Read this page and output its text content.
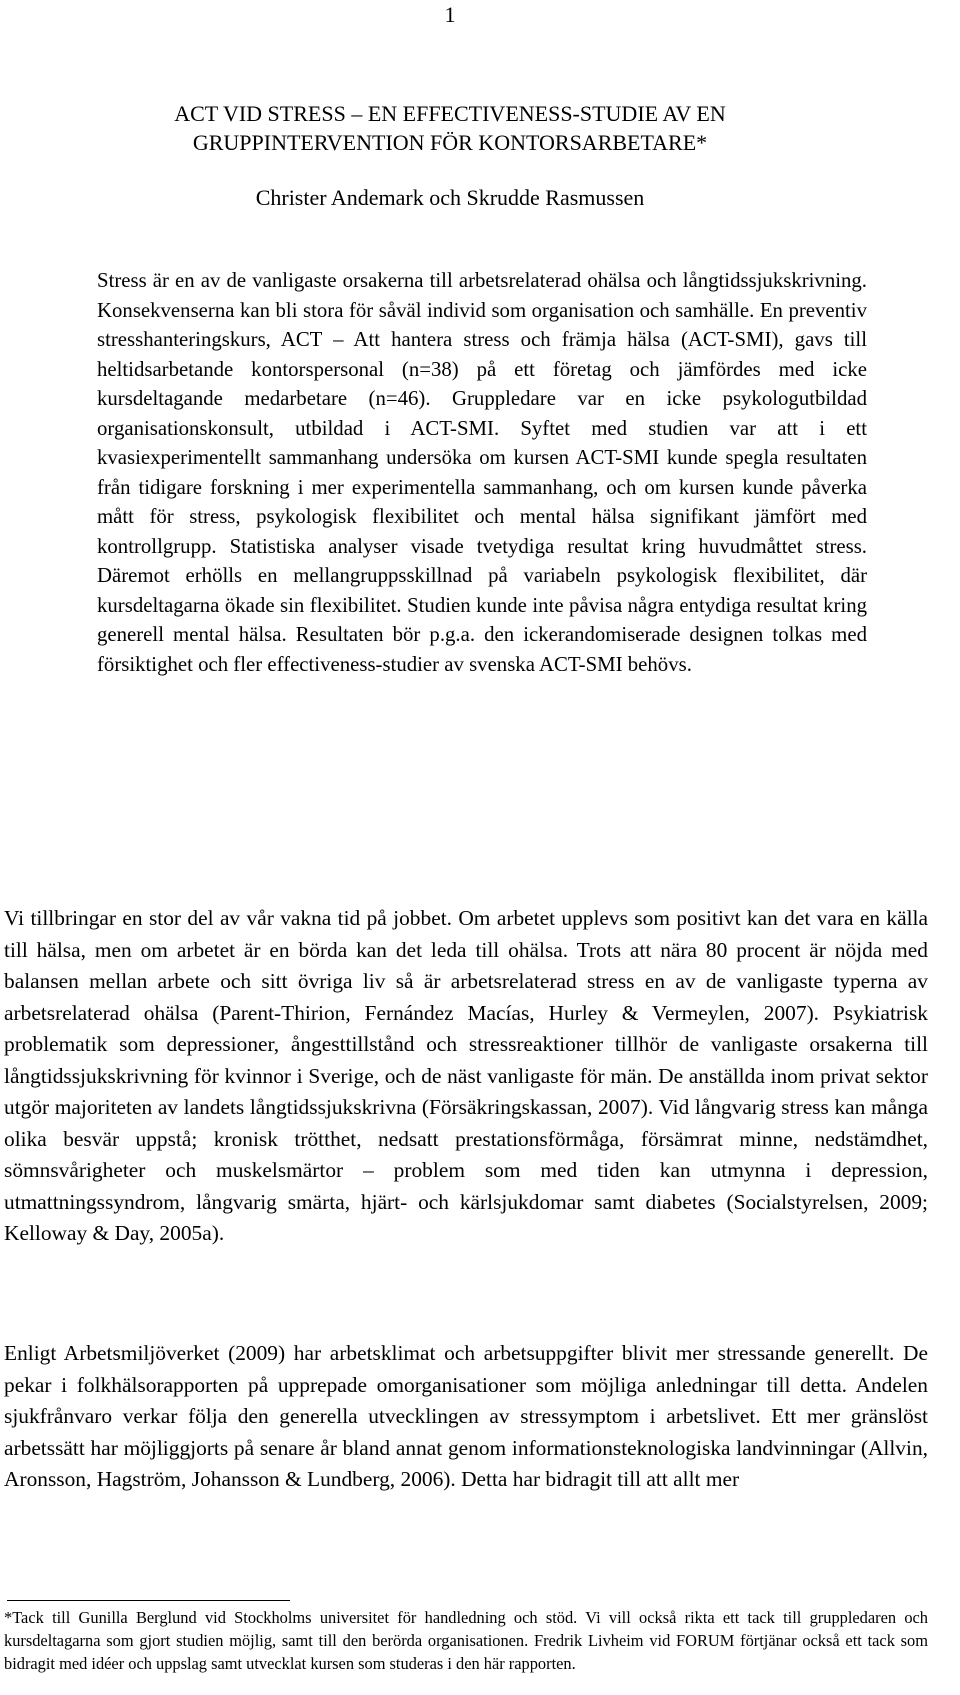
1
ACT VID STRESS – EN EFFECTIVENESS-STUDIE AV EN
GRUPPINTERVENTION FÖR KONTORSARBETARE*
Christer Andemark och Skrudde Rasmussen
Stress är en av de vanligaste orsakerna till arbetsrelaterad ohälsa och långtidssjukskrivning. Konsekvenserna kan bli stora för såväl individ som organisation och samhälle. En preventiv stresshanteringskurs, ACT – Att hantera stress och främja hälsa (ACT-SMI), gavs till heltidsarbetande kontorspersonal (n=38) på ett företag och jämfördes med icke kursdeltagande medarbetare (n=46). Gruppledare var en icke psykologutbildad organisationskonsult, utbildad i ACT-SMI. Syftet med studien var att i ett kvasiexperimentellt sammanhang undersöka om kursen ACT-SMI kunde spegla resultaten från tidigare forskning i mer experimentella sammanhang, och om kursen kunde påverka mått för stress, psykologisk flexibilitet och mental hälsa signifikant jämfört med kontrollgrupp. Statistiska analyser visade tvetydiga resultat kring huvudmåttet stress. Däremot erhölls en mellangruppsskillnad på variabeln psykologisk flexibilitet, där kursdeltagarna ökade sin flexibilitet. Studien kunde inte påvisa några entydiga resultat kring generell mental hälsa. Resultaten bör p.g.a. den ickerandomiserade designen tolkas med försiktighet och fler effectiveness-studier av svenska ACT-SMI behövs.
Vi tillbringar en stor del av vår vakna tid på jobbet. Om arbetet upplevs som positivt kan det vara en källa till hälsa, men om arbetet är en börda kan det leda till ohälsa. Trots att nära 80 procent är nöjda med balansen mellan arbete och sitt övriga liv så är arbetsrelaterad stress en av de vanligaste typerna av arbetsrelaterad ohälsa (Parent-Thirion, Fernández Macías, Hurley & Vermeylen, 2007). Psykiatrisk problematik som depressioner, ångesttillstånd och stressreaktioner tillhör de vanligaste orsakerna till långtidssjukskrivning för kvinnor i Sverige, och de näst vanligaste för män. De anställda inom privat sektor utgör majoriteten av landets långtidssjukskrivna (Försäkringskassan, 2007). Vid långvarig stress kan många olika besvär uppstå; kronisk trötthet, nedsatt prestationsförmåga, försämrat minne, nedstämdhet, sömnsvårigheter och muskelsmärtor – problem som med tiden kan utmynna i depression, utmattningssyndrom, långvarig smärta, hjärt- och kärlsjukdomar samt diabetes (Socialstyrelsen, 2009; Kelloway & Day, 2005a).
Enligt Arbetsmiljöverket (2009) har arbetsklimat och arbetsuppgifter blivit mer stressande generellt. De pekar i folkhälsorapporten på upprepade omorganisationer som möjliga anledningar till detta. Andelen sjukfrånvaro verkar följa den generella utvecklingen av stressymptom i arbetslivet. Ett mer gränslöst arbetssätt har möjliggjorts på senare år bland annat genom informationsteknologiska landvinningar (Allvin, Aronsson, Hagström, Johansson & Lundberg, 2006). Detta har bidragit till att allt mer
*Tack till Gunilla Berglund vid Stockholms universitet för handledning och stöd. Vi vill också rikta ett tack till gruppledaren och kursdeltagarna som gjort studien möjlig, samt till den berörda organisationen. Fredrik Livheim vid FORUM förtjänar också ett tack som bidragit med idéer och uppslag samt utvecklat kursen som studeras i den här rapporten.
